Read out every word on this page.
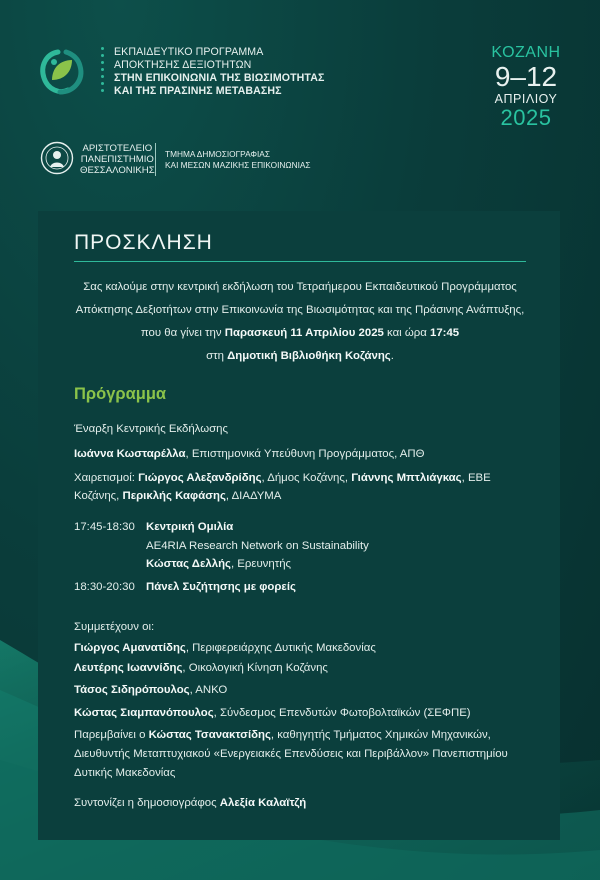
ΕΚΠΑΙΔΕΥΤΙΚΟ ΠΡΟΓΡΑΜΜΑ
ΑΠΟΚΤΗΣΗΣ ΔΕΞΙΟΤΗΤΩΝ
ΣΤΗΝ ΕΠΙΚΟΙΝΩΝΙΑ ΤΗΣ ΒΙΩΣΙΜΟΤΗΤΑΣ
ΚΑΙ ΤΗΣ ΠΡΑΣΙΝΗΣ ΜΕΤΑΒΑΣΗΣ
ΚΟΖΑΝΗ
9–12
ΑΠΡΙΛΙΟΥ
2025
ΑΡΙΣΤΟΤΕΛΕΙΟ
ΠΑΝΕΠΙΣΤΗΜΙΟ
ΘΕΣΣΑΛΟΝΙΚΗΣ
ΤΜΗΜΑ ΔΗΜΟΣΙΟΓΡΑΦΙΑΣ
ΚΑΙ ΜΕΣΩΝ ΜΑΖΙΚΗΣ ΕΠΙΚΟΙΝΩΝΙΑΣ
ΠΡΟΣΚΛΗΣΗ
Σας καλούμε στην κεντρική εκδήλωση του Τετραήμερου Εκπαιδευτικού Προγράμματος
Απόκτησης Δεξιοτήτων στην Επικοινωνία της Βιωσιμότητας και της Πράσινης Ανάπτυξης,
που θα γίνει την Παρασκευή 11 Απριλίου 2025 και ώρα 17:45
στη Δημοτική Βιβλιοθήκη Κοζάνης.
Πρόγραμμα
Έναρξη Κεντρικής Εκδήλωσης
Ιωάννα Κωσταρέλλα, Επιστημονικά Υπεύθυνη Προγράμματος, ΑΠΘ
Χαιρετισμοί: Γιώργος Αλεξανδρίδης, Δήμος Κοζάνης, Γιάννης Μπτλιάγκας, ΕΒΕ
Κοζάνης, Περικλής Καφάσης, ΔΙΑΔΥΜΑ
17:45-18:30 Κεντρική Ομιλία
AE4RIA Research Network on Sustainability
Κώστας Δελλής, Ερευνητής
18:30-20:30 Πάνελ Συζήτησης με φορείς
Συμμετέχουν οι:
Γιώργος Αμανατίδης, Περιφερειάρχης Δυτικής Μακεδονίας
Λευτέρης Ιωαννίδης, Οικολογική Κίνηση Κοζάνης
Τάσος Σιδηρόπουλος, ΑΝΚΟ
Κώστας Σιαμπανόπουλος, Σύνδεσμος Επενδυτών Φωτοβολταϊκών (ΣΕΦΠΕ)
Παρεμβαίνει ο Κώστας Τσανακτσίδης, καθηγητής Τμήματος Χημικών Μηχανικών,
Διευθυντής Μεταπτυχιακού «Ενεργειακές Επενδύσεις και Περιβάλλον» Πανεπιστημίου
Δυτικής Μακεδονίας
Συντονίζει η δημοσιογράφος Αλεξία Καλαϊτζή
